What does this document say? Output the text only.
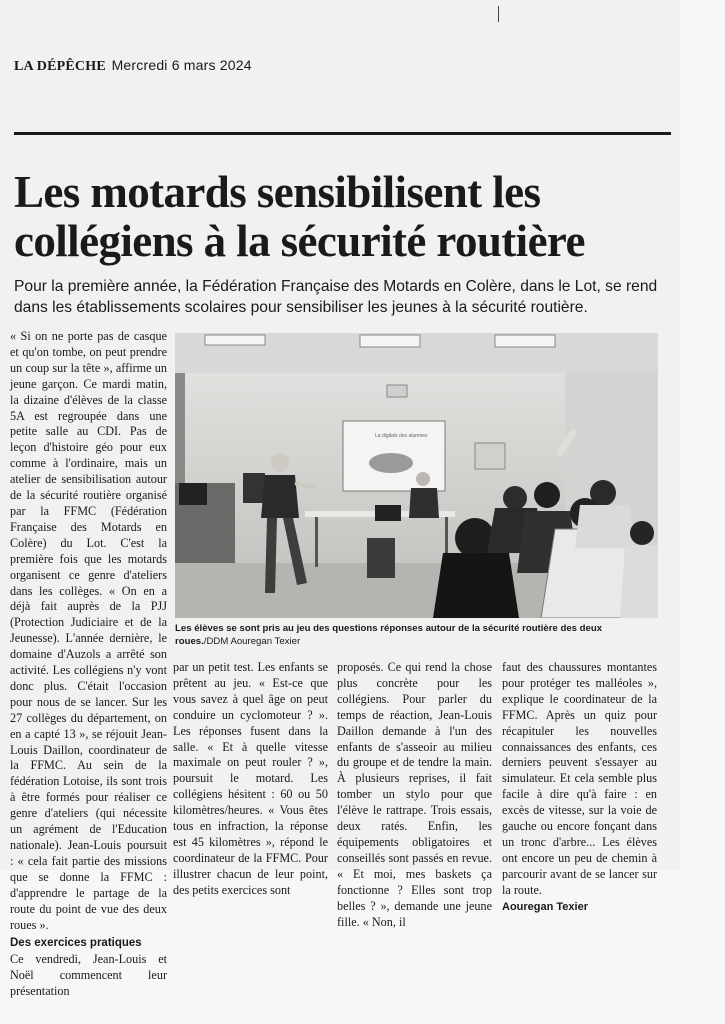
LA DÉPÊCHE Mercredi 6 mars 2024
Les motards sensibilisent les collégiens à la sécurité routière

Pour la première année, la Fédération Française des Motards en Colère, dans le Lot, se rend dans les établissements scolaires pour sensibiliser les jeunes à la sécurité routière.

« Si on ne porte pas de casque et qu'on tombe, on peut prendre un coup sur la tête », affirme un jeune garçon. Ce mardi matin, la dizaine d'élèves de la classe 5A est regroupée dans une petite salle au CDI. Pas de leçon d'histoire géo pour eux comme à l'ordinaire, mais un atelier de sensibilisation autour de la sécurité routière organisé par la FFMC (Fédération Française des Motards en Colère) du Lot. C'est la première fois que les motards organisent ce genre d'ateliers dans les collèges. « On en a déjà fait auprès de la PJJ (Protection Judiciaire et de la Jeunesse). L'année dernière, le domaine d'Auzols a arrêté son activité. Les collégiens n'y vont donc plus. C'était l'occasion pour nous de se lancer. Sur les 27 collèges du département, on en a capté 13 », se réjouit Jean-Louis Daillon, coordinateur de la FFMC. Au sein de la fédération Lotoise, ils sont trois à être formés pour réaliser ce genre d'ateliers (qui nécessite un agrément de l'Education nationale). Jean-Louis poursuit : « cela fait partie des missions que se donne la FFMC : d'apprendre le partage de la route du point de vue des deux roues ».

Des exercices pratiques

Ce vendredi, Jean-Louis et Noël commencent leur présentation

La digitale des alumnes
Les élèves se sont pris au jeu des questions réponses autour de la sécurité routière des deux roues./DDM Aouregan Texier

par un petit test. Les enfants se prêtent au jeu. « Est-ce que vous savez à quel âge on peut conduire un cyclomoteur ? ». Les réponses fusent dans la salle. « Et à quelle vitesse maximale on peut rouler ? », poursuit le motard. Les collégiens hésitent : 60 ou 50 kilomètres/heures. « Vous êtes tous en infraction, la réponse est 45 kilomètres », répond le coordinateur de la FFMC. Pour illustrer chacun de leur point, des petits exercices sont

proposés. Ce qui rend la chose plus concrète pour les collégiens. Pour parler du temps de réaction, Jean-Louis Daillon demande à l'un des enfants de s'asseoir au milieu du groupe et de tendre la main. À plusieurs reprises, il fait tomber un stylo pour que l'élève le rattrape. Trois essais, deux ratés. Enfin, les équipements obligatoires et conseillés sont passés en revue. « Et moi, mes baskets ça fonctionne ? Elles sont trop belles ? », demande une jeune fille. « Non, il

faut des chaussures montantes pour protéger tes malléoles », explique le coordinateur de la FFMC. Après un quiz pour récapituler les nouvelles connaissances des enfants, ces derniers peuvent s'essayer au simulateur. Et cela semble plus facile à dire qu'à faire : en excès de vitesse, sur la voie de gauche ou encore fonçant dans un tronc d'arbre... Les élèves ont encore un peu de chemin à parcourir avant de se lancer sur la route.

Aouregan Texier
